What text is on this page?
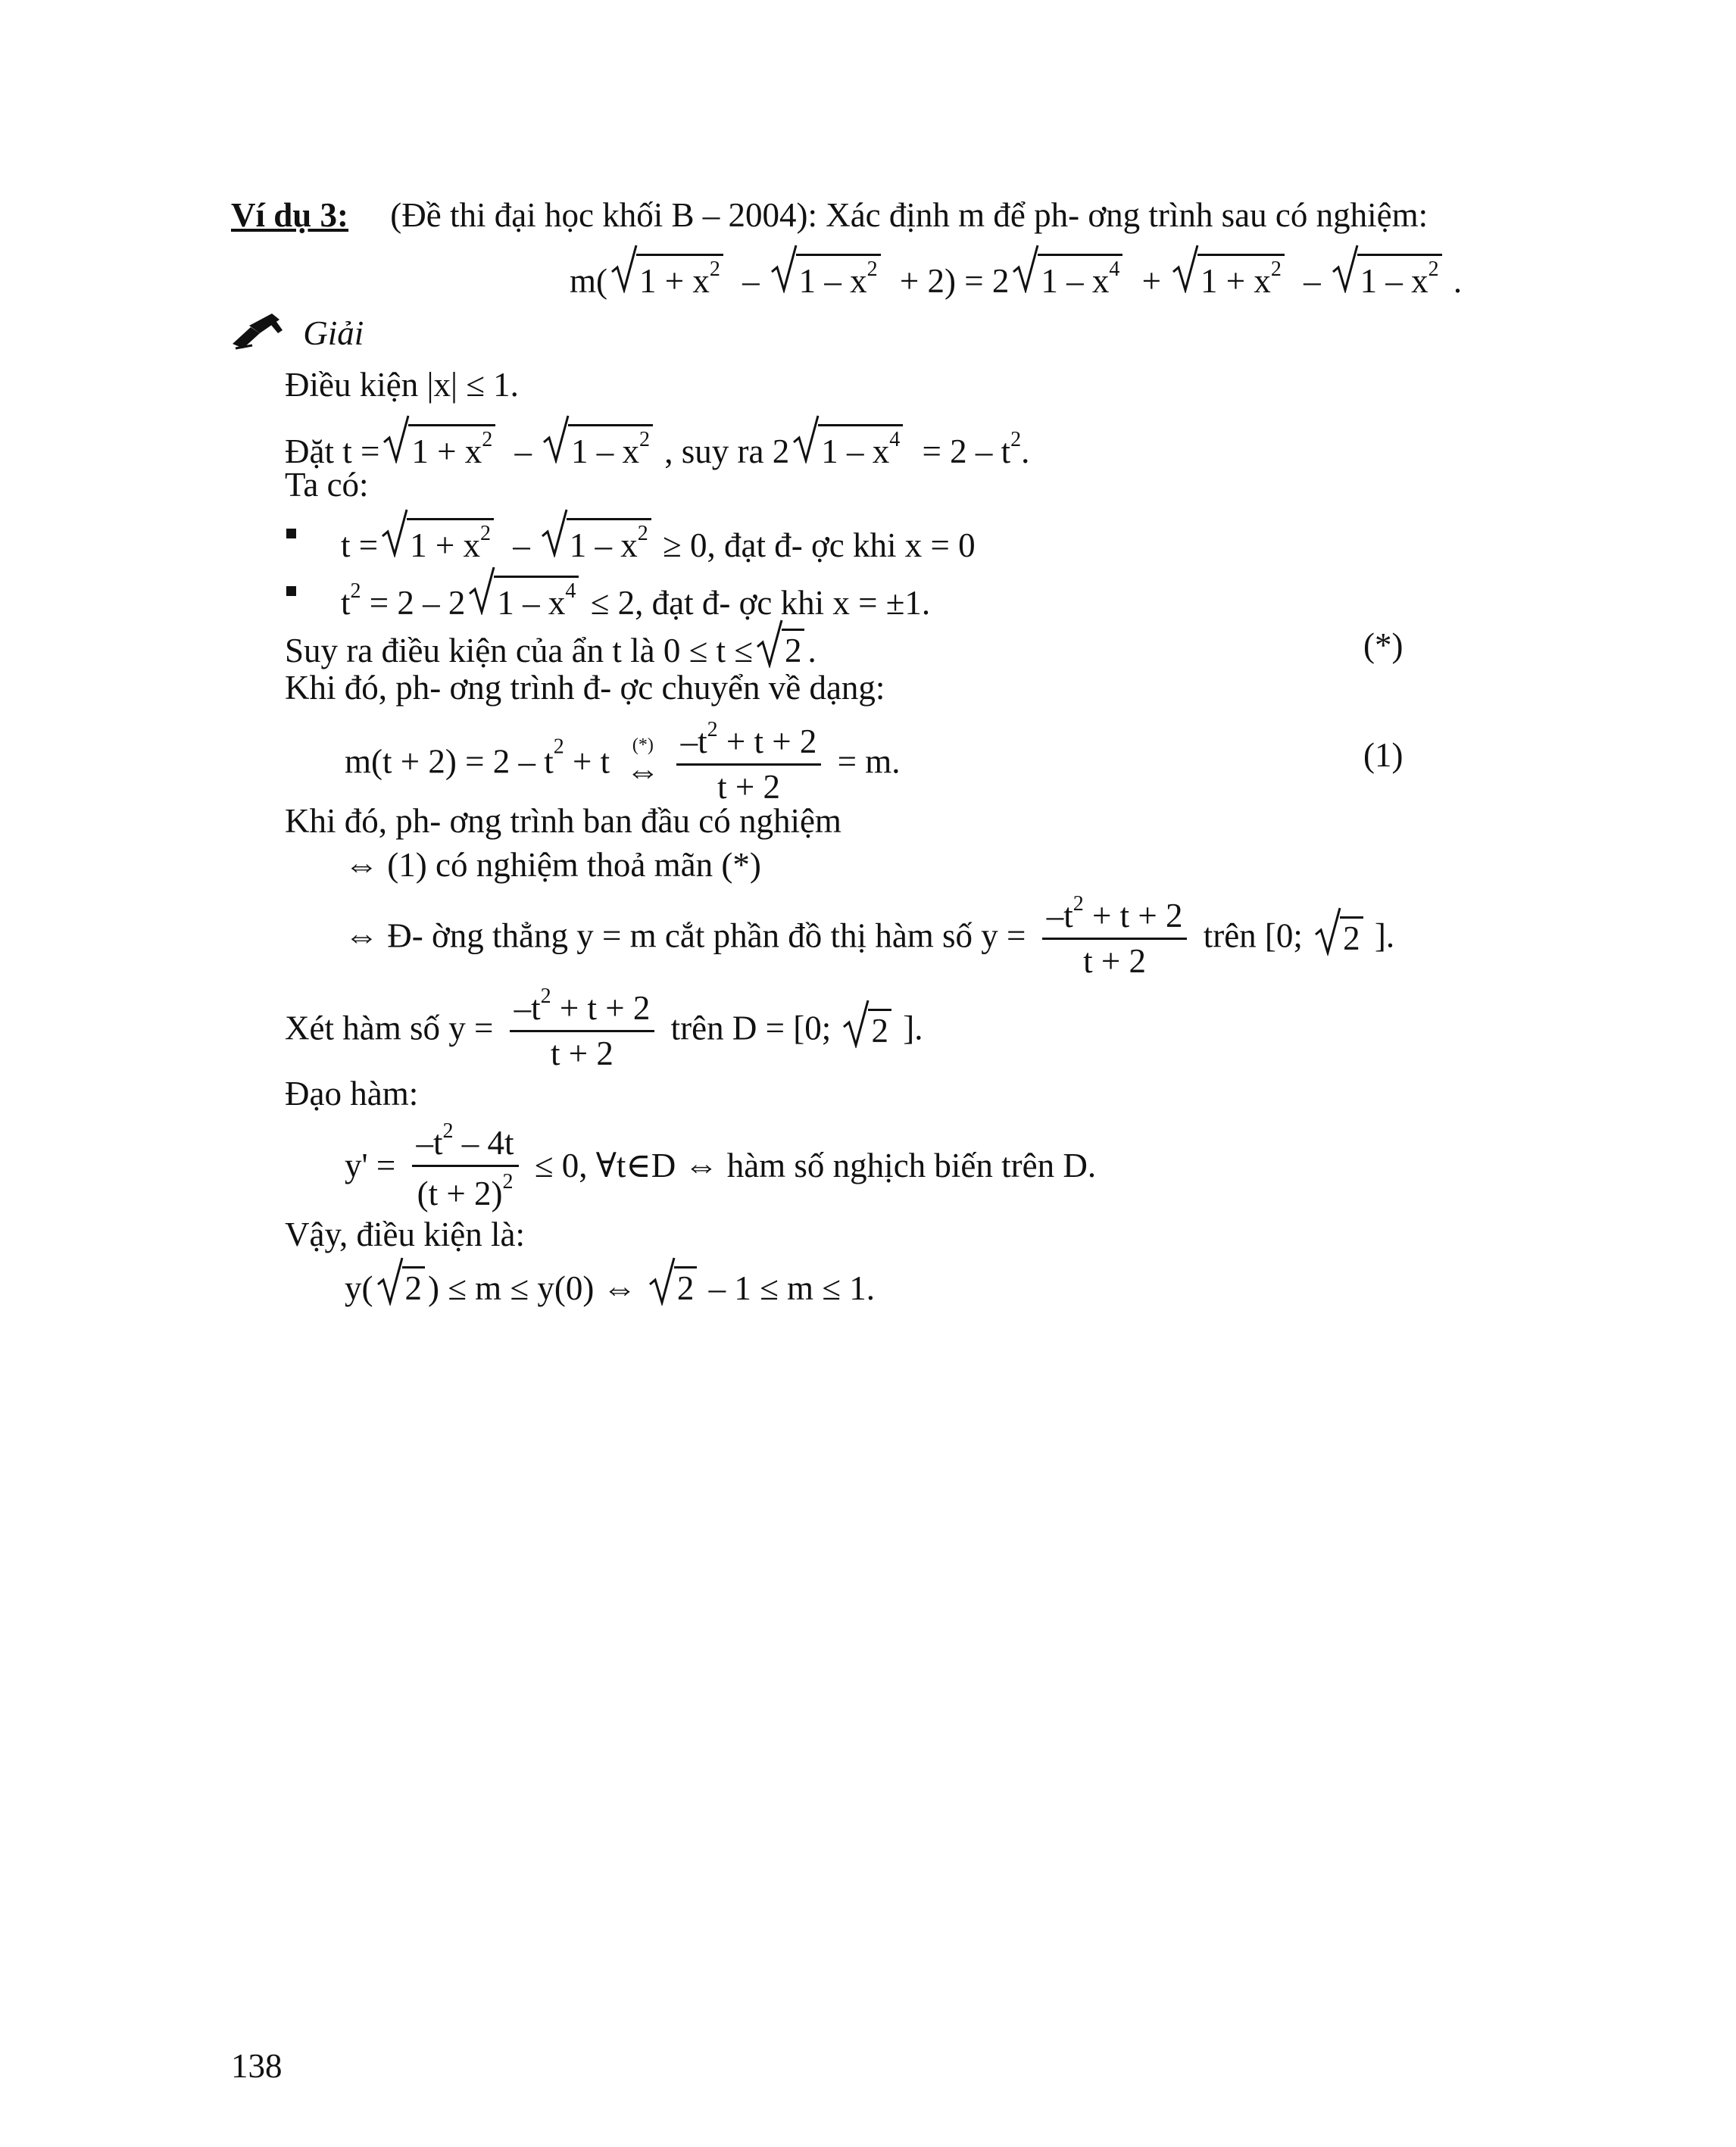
Ví dụ 3: (Đề thi đại học khối B – 2004): Xác định m để ph- ơng trình sau có nghiệm:
m( $1 + x^2 - 1 - x^2 + 2) = 2$ $1 - x^4 + 1 + x^2 - 1 - x^2$ .
Giải
Điều kiện |x| ≤ 1.
Đặt $t = 1 + x^2 - 1 - x^2$ , suy ra 2 $1 - x^4 = 2 - t^2$.
Ta có:
$t = 1 + x^2 - 1 - x^2 \ge 0$, đạt đ- ợc khi x = 0
$t^2 = 2 - 2$ $1 - x^4 \le 2$, đạt đ- ợc khi x = ±1.
Suy ra điều kiện của ẩn t là 0 ≤ t ≤ 2 .	(*)
Khi đó, ph- ơng trình đ- ợc chuyển về dạng:
$m(t + 2) = 2 - t^2 + t$	(*)
⇔
$\frac{-t^2 + t + 2}{t + 2} = m$.	(1)
Khi đó, ph- ơng trình ban đầu có nghiệm
⇔ (1) có nghiệm thoả mãn (*)
⇔ Đ- ờng thẳng y = m cắt phần đồ thị hàm số $y = \frac{-t^2 + t + 2}{t + 2}$ trên [0; 2 ].
Xét hàm số $y = \frac{-t^2 + t + 2}{t + 2}$ trên D = [0; 2 ].
Đạo hàm:
$y' = \frac{-t^2 - 4t}{(t + 2)^2} \le 0$, ∀t∈D ⇔ hàm số nghịch biến trên D.
Vậy, điều kiện là:
y( 2 ) ≤ m ≤ y(0) ⇔ 2 – 1 ≤ m ≤ 1.
138
